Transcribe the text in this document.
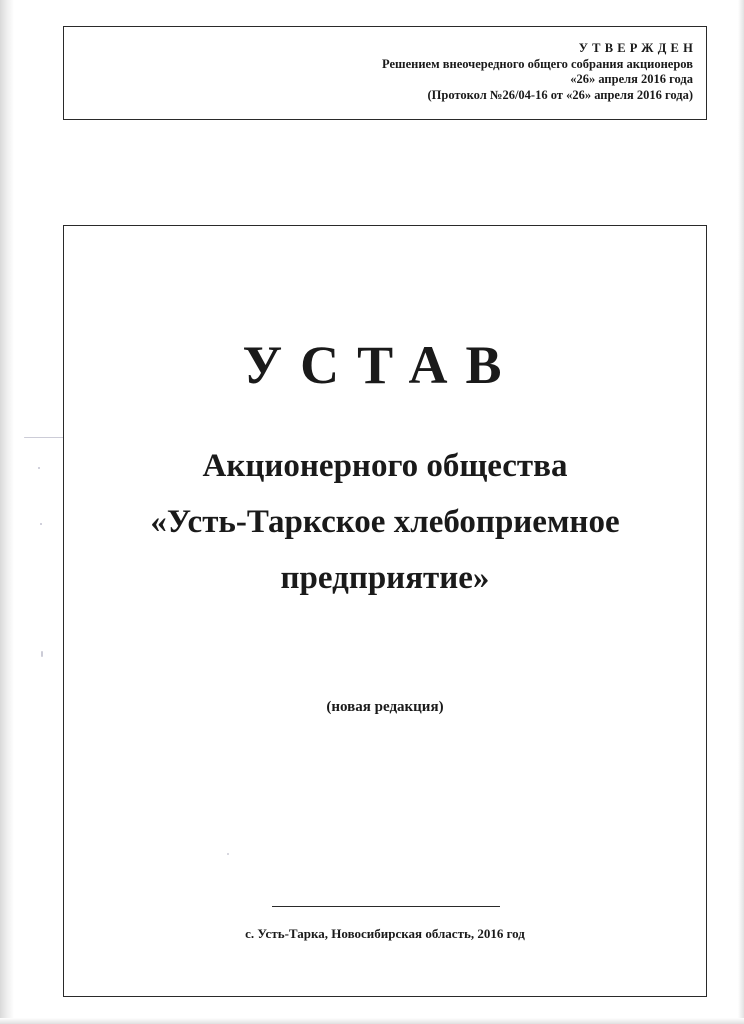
УТВЕРЖДЕН
Решением внеочередного общего собрания акционеров
«26» апреля 2016 года
(Протокол №26/04-16 от «26» апреля 2016 года)
УСТАВ
Акционерного общества
«Усть-Таркское хлебоприемное
предприятие»
(новая редакция)
с. Усть-Тарка, Новосибирская область, 2016 год
